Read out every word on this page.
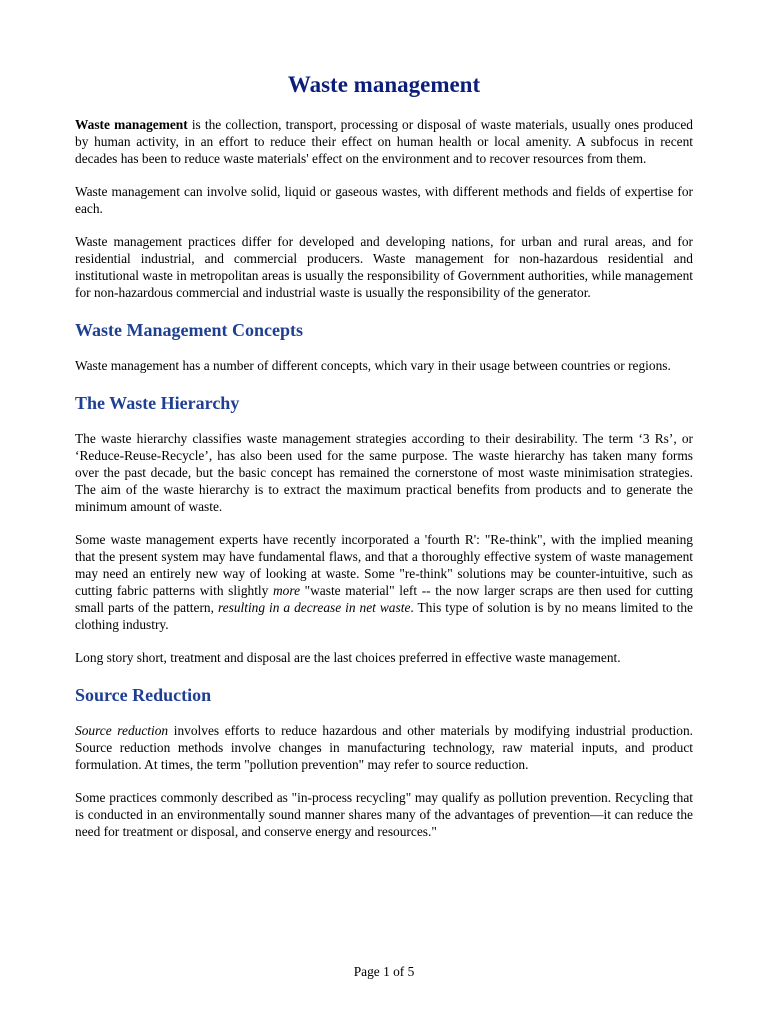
Waste management

Waste management is the collection, transport, processing or disposal of waste materials, usually ones produced by human activity, in an effort to reduce their effect on human health or local amenity. A subfocus in recent decades has been to reduce waste materials' effect on the environment and to recover resources from them.

Waste management can involve solid, liquid or gaseous wastes, with different methods and fields of expertise for each.

Waste management practices differ for developed and developing nations, for urban and rural areas, and for residential industrial, and commercial producers. Waste management for non-hazardous residential and institutional waste in metropolitan areas is usually the responsibility of Government authorities, while management for non-hazardous commercial and industrial waste is usually the responsibility of the generator.

Waste Management Concepts

Waste management has a number of different concepts, which vary in their usage between countries or regions.

The Waste Hierarchy

The waste hierarchy classifies waste management strategies according to their desirability. The term ‘3 Rs’, or ‘Reduce-Reuse-Recycle’, has also been used for the same purpose. The waste hierarchy has taken many forms over the past decade, but the basic concept has remained the cornerstone of most waste minimisation strategies. The aim of the waste hierarchy is to extract the maximum practical benefits from products and to generate the minimum amount of waste.

Some waste management experts have recently incorporated a 'fourth R': "Re-think", with the implied meaning that the present system may have fundamental flaws, and that a thoroughly effective system of waste management may need an entirely new way of looking at waste. Some "re-think" solutions may be counter-intuitive, such as cutting fabric patterns with slightly more "waste material" left -- the now larger scraps are then used for cutting small parts of the pattern, resulting in a decrease in net waste. This type of solution is by no means limited to the clothing industry.

Long story short, treatment and disposal are the last choices preferred in effective waste management.

Source Reduction

Source reduction involves efforts to reduce hazardous and other materials by modifying industrial production. Source reduction methods involve changes in manufacturing technology, raw material inputs, and product formulation. At times, the term "pollution prevention" may refer to source reduction.

Some practices commonly described as "in-process recycling" may qualify as pollution prevention. Recycling that is conducted in an environmentally sound manner shares many of the advantages of prevention—it can reduce the need for treatment or disposal, and conserve energy and resources."

Page 1 of 5
